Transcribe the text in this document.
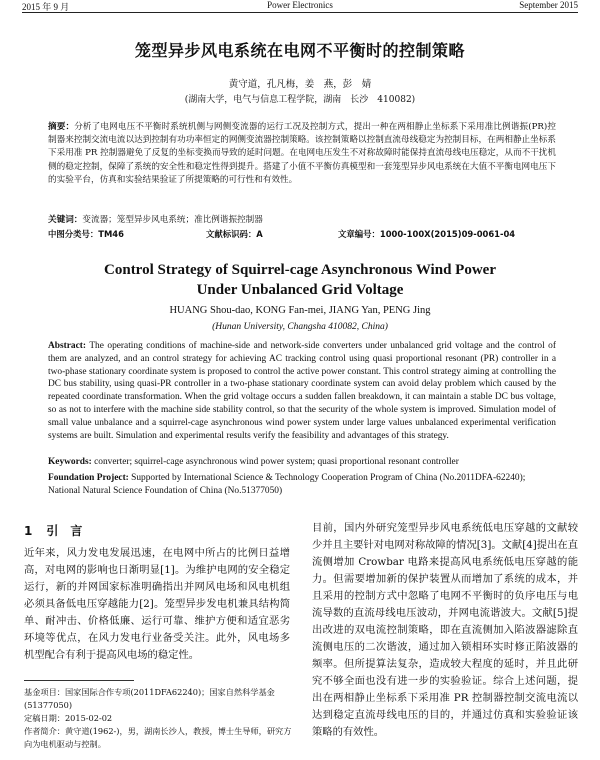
2015 年 9 月	Power Electronics	September 2015
笼型异步风电系统在电网不平衡时的控制策略
黄守道，孔凡梅，姜　燕，彭　婧
(湖南大学，电气与信息工程学院，湖南　长沙　410082)
摘要：分析了电网电压不平衡时系统机侧与网侧变流器的运行工况及控制方式，提出一种在两相静止坐标系下采用准比例谐振(PR)控制器来控制交流电流以达到控制有功功率恒定的网侧变流器控制策略。该控制策略以控制直流母线稳定为控制目标，在两相静止坐标系下采用准 PR 控制器避免了反复的坐标变换而导致的延时问题。在电网电压发生不对称故障时能保持直流母线电压稳定，从而不干扰机侧的稳定控制，保障了系统的安全性和稳定性得到提升。搭建了小值不平衡仿真模型和一套笼型异步风电系统在大值不平衡电网电压下的实验平台，仿真和实验结果验证了所提策略的可行性和有效性。
关键词：变流器；笼型异步风电系统；准比例谐振控制器
中图分类号：TM46	文献标识码：A	文章编号：1000-100X(2015)09-0061-04
Control Strategy of Squirrel-cage Asynchronous Wind Power
Under Unbalanced Grid Voltage
HUANG Shou-dao, KONG Fan-mei, JIANG Yan, PENG Jing
(Hunan University, Changsha 410082, China)
Abstract: The operating conditions of machine-side and network-side converters under unbalanced grid voltage and the control of them are analyzed, and an control strategy for achieving AC tracking control using quasi proportional resonant (PR) controller in a two-phase stationary coordinate system is proposed to control the active power constant. This control strategy aiming at controlling the DC bus stability, using quasi-PR controller in a two-phase stationary coordinate system can avoid delay problem which caused by the repeated coordinate transformation. When the grid voltage occurs a sudden fallen breakdown, it can maintain a stable DC bus voltage, so as not to interfere with the machine side stability control, so that the security of the whole system is improved. Simulation model of small value unbalance and a squirrel-cage asynchronous wind power system under large values unbalanced experimental verification systems are built. Simulation and experimental results verify the feasibility and advantages of this strategy.
Keywords: converter; squirrel-cage asynchronous wind power system; quasi proportional resonant controller
Foundation Project: Supported by International Science & Technology Cooperation Program of China (No.2011DFA-62240); National Natural Science Foundation of China (No.51377050)
1 引　言
近年来，风力发电发展迅速，在电网中所占的比例日益增高，对电网的影响也日渐明显[1]。为维护电网的安全稳定运行，新的并网国家标准明确指出并网风电场和风电机组必须具备低电压穿越能力[2]。笼型异步发电机兼具结构简单、耐冲击、价格低廉、运行可靠、维护方便和适宜恶劣环境等优点，在风力发电行业备受关注。此外，风电场多机型配合有利于提高风电场的稳定性。
目前，国内外研究笼型异步风电系统低电压穿越的文献较少并且主要针对电网对称故障的情况[3]。文献[4]提出在直流侧增加 Crowbar 电路来提高风电系统低电压穿越的能力。但需要增加新的保护装置从而增加了系统的成本，并且采用的控制方式中忽略了电网不平衡时的负序电压与电流导数的直流母线电压波动，并网电流谐波大。文献[5]提出改进的双电流控制策略，即在直流侧加入陷波器滤除直流侧电压的二次谐波，通过加入锁相环实时修正陷波器的频率。但所提算法复杂，造成较大程度的延时，并且此研究不够全面也没有进一步的实验验证。综合上述问题，提出在两相静止坐标系下采用准 PR 控制器控制交流电流以达到稳定直流母线电压的目的，并通过仿真和实验验证该策略的有效性。
基金项目：国家国际合作专项(2011DFA62240)；国家自然科学基金(51377050)
定稿日期：2015-02-02
作者简介：黄守道(1962-)，男，湖南长沙人，教授，博士生导师，研究方向为电机驱动与控制。
